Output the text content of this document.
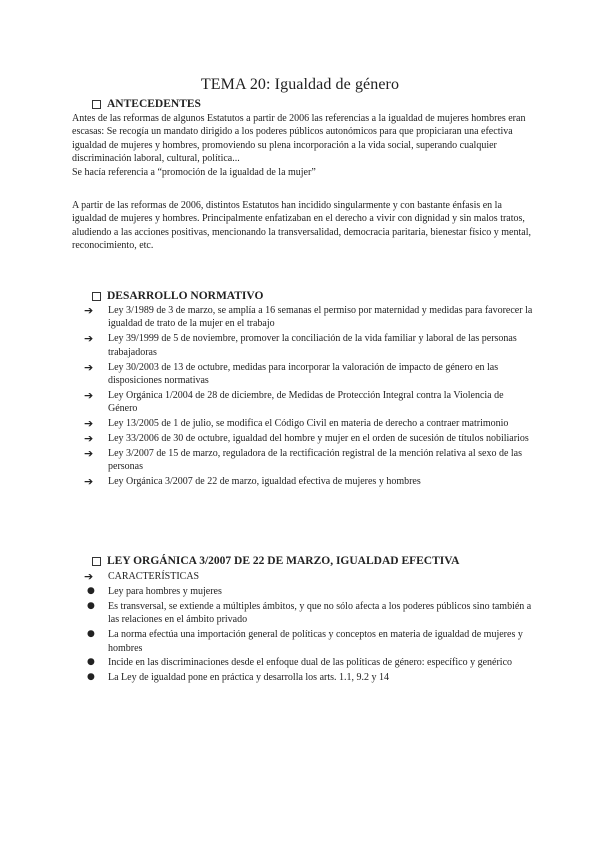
TEMA 20: Igualdad de género
ANTECEDENTES

Antes de las reformas de algunos Estatutos a partir de 2006 las referencias a la igualdad de mujeres hombres eran escasas: Se recogía un mandato dirigido a los poderes públicos autonómicos para que propiciaran una efectiva igualdad de mujeres y hombres, promoviendo su plena incorporación a la vida social, superando cualquier discriminación laboral, cultural, política...

Se hacía referencia a “promoción de la igualdad de la mujer”

A partir de las reformas de 2006, distintos Estatutos han incidido singularmente y con bastante énfasis en la igualdad de mujeres y hombres. Principalmente enfatizaban en el derecho a vivir con dignidad y sin malos tratos, aludiendo a las acciones positivas, mencionando la transversalidad, democracia paritaria, bienestar físico y mental, reconocimiento, etc.

DESARROLLO NORMATIVO
➔ Ley 3/1989 de 3 de marzo, se amplía a 16 semanas el permiso por maternidad y medidas para favorecer la igualdad de trato de la mujer en el trabajo
➔ Ley 39/1999 de 5 de noviembre, promover la conciliación de la vida familiar y laboral de las personas trabajadoras
➔ Ley 30/2003 de 13 de octubre, medidas para incorporar la valoración de impacto de género en las disposiciones normativas
➔ Ley Orgánica 1/2004 de 28 de diciembre, de Medidas de Protección Integral contra la Violencia de Género
➔ Ley 13/2005 de 1 de julio, se modifica el Código Civil en materia de derecho a contraer matrimonio
➔ Ley 33/2006 de 30 de octubre, igualdad del hombre y mujer en el orden de sucesión de títulos nobiliarios
➔ Ley 3/2007 de 15 de marzo, reguladora de la rectificación registral de la mención relativa al sexo de las personas
➔ Ley Orgánica 3/2007 de 22 de marzo, igualdad efectiva de mujeres y hombres
LEY ORGÁNICA 3/2007 DE 22 DE MARZO, IGUALDAD EFECTIVA
➔ CARACTERÍSTICAS
● Ley para hombres y mujeres
● Es transversal, se extiende a múltiples ámbitos, y que no sólo afecta a los poderes públicos sino también a las relaciones en el ámbito privado
● La norma efectúa una importación general de políticas y conceptos en materia de igualdad de mujeres y hombres
● Incide en las discriminaciones desde el enfoque dual de las políticas de género: específico y genérico
● La Ley de igualdad pone en práctica y desarrolla los arts. 1.1, 9.2 y 14
